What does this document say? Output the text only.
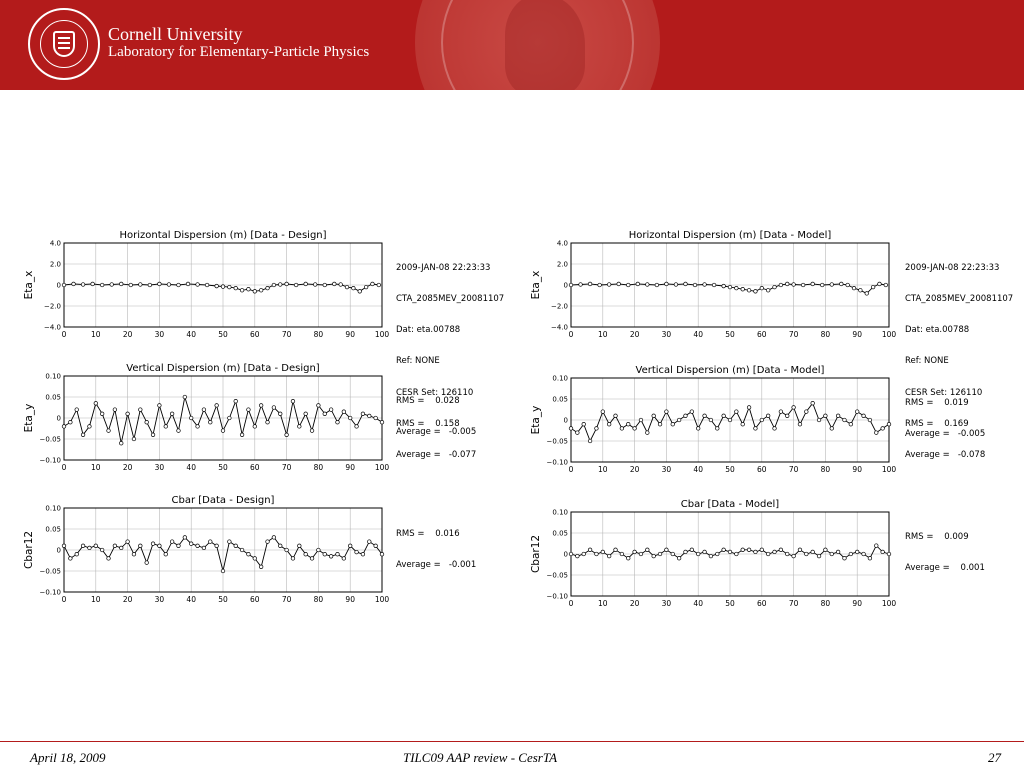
Cornell University
Laboratory for Elementary-Particle Physics
Horizontal Dispersion (m) [Data - Design]
0	10	20	30	40	50	60	70	80	90	100
−4.0
−2.0
0
2.0
4.0
Eta_x

2009-JAN-08 22:23:33

CTA_2085MEV_20081107

Dat: eta.00788

Ref: NONE

CESR Set: 126110

RMS =    0.158

Average =   -0.077

Horizontal Dispersion (m) [Data - Model]
0	10	20	30	40	50	60	70	80	90	100
−4.0
−2.0
0
2.0
4.0
Eta_x

2009-JAN-08 22:23:33

CTA_2085MEV_20081107

Dat: eta.00788

Ref: NONE

CESR Set: 126110

RMS =    0.169

Average =   -0.078

Vertical Dispersion (m) [Data - Design]
0	10	20	30	40	50	60	70	80	90	100
−0.10
−0.05
0
0.05
0.10
Eta_y

RMS =    0.028

Average =   -0.005

Vertical Dispersion (m) [Data - Model]
0	10	20	30	40	50	60	70	80	90	100
−0.10
−0.05
0
0.05
0.10
Eta_y

RMS =    0.019

Average =   -0.005

Cbar [Data - Design]
0	10	20	30	40	50	60	70	80	90	100
−0.10
−0.05
0
0.05
0.10
Cbar12

	RMS =    0.016

Average =   -0.001

Cbar [Data - Model]
0	10	20	30	40	50	60	70	80	90	100
−0.10
−0.05
0
0.05
0.10
Cbar12

	RMS =    0.009

Average =    0.001

April 18, 2009	TILC09 AAP review - CesrTA	27
